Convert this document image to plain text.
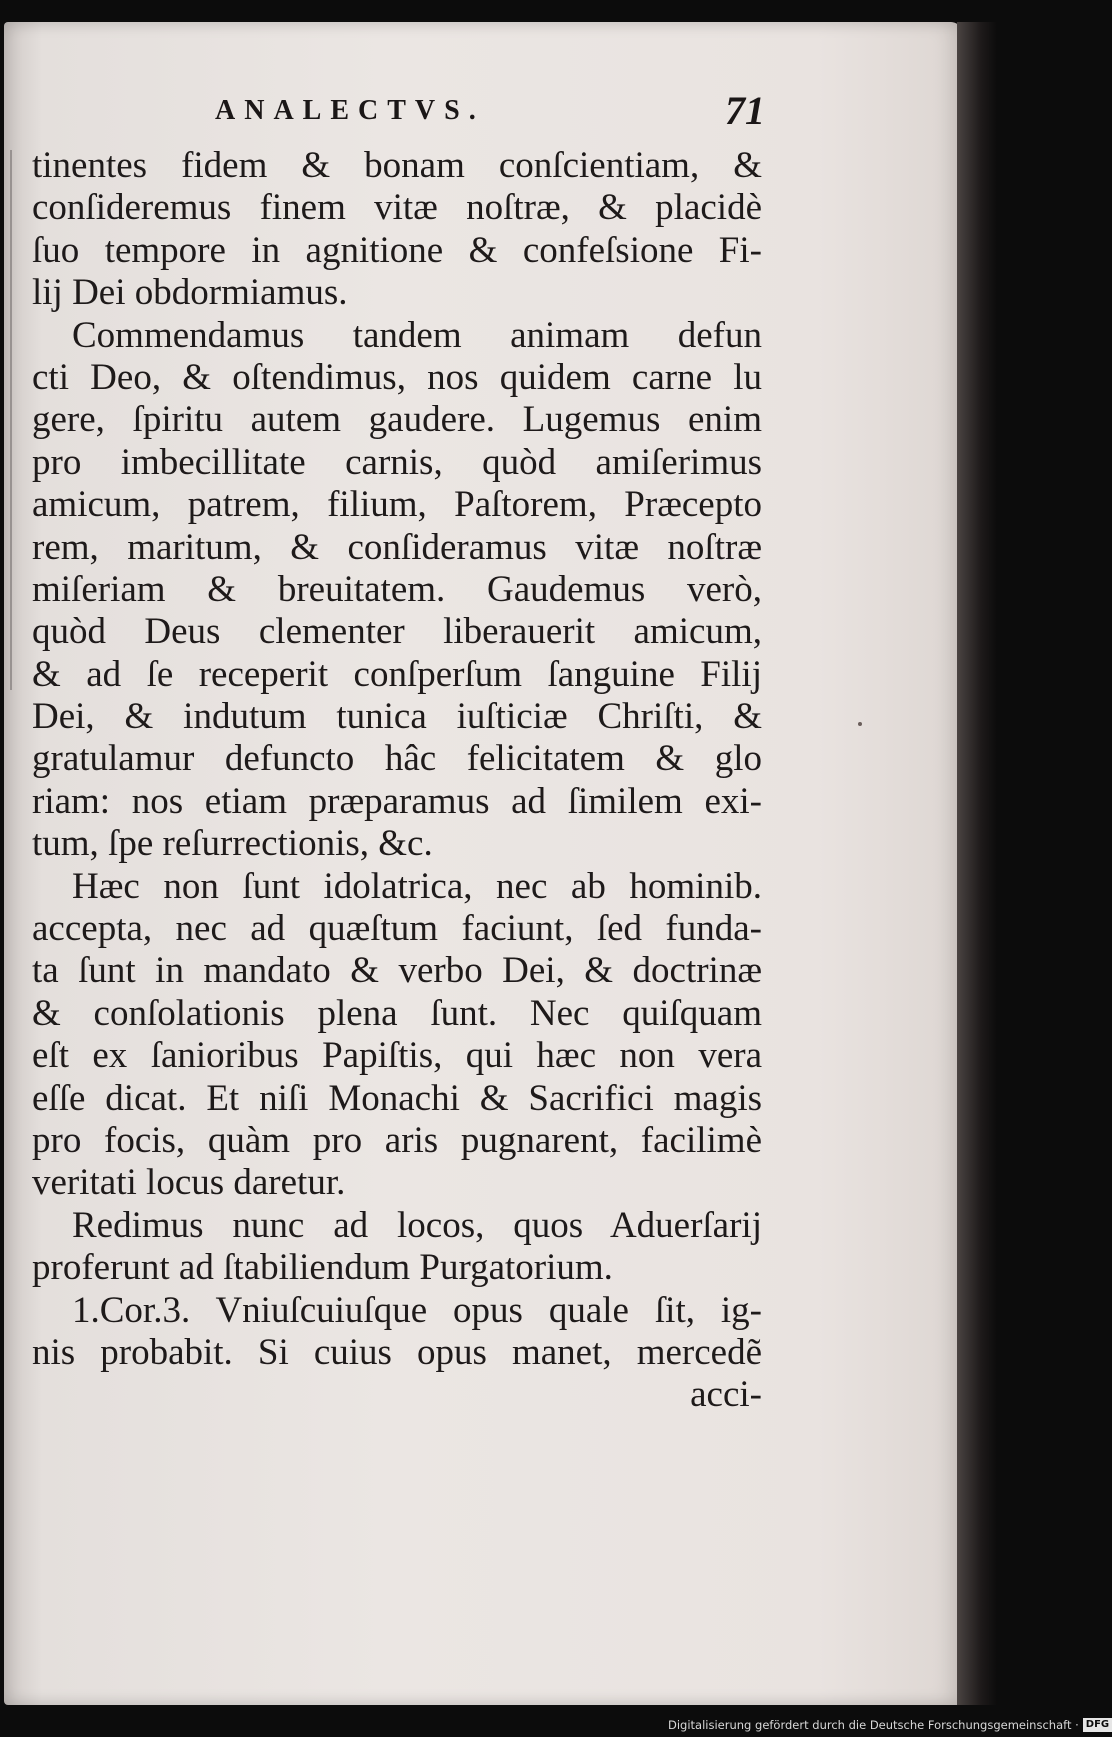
ANALECTVS.	71
tinentes fidem & bonam conſcientiam, &
conſideremus finem vitæ noſtræ, & placidè
ſuo tempore in agnitione & confeſsione Fi-
lij Dei obdormiamus.
Commendamus tandem animam defun
cti Deo, & oſtendimus, nos quidem carne lu
gere, ſpiritu autem gaudere. Lugemus enim
pro imbecillitate carnis, quòd amiſerimus
amicum, patrem, filium, Paſtorem, Præcepto
rem, maritum, & conſideramus vitæ noſtræ
miſeriam & breuitatem. Gaudemus verò,
quòd Deus clementer liberauerit amicum,
& ad ſe receperit conſperſum ſanguine Filij
Dei, & indutum tunica iuſticiæ Chriſti, &
gratulamur defuncto hâc felicitatem & glo
riam: nos etiam præparamus ad ſimilem exi-
tum, ſpe reſurrectionis, &c.
Hæc non ſunt idolatrica, nec ab hominib.
accepta, nec ad quæſtum faciunt, ſed funda-
ta ſunt in mandato & verbo Dei, & doctrinæ
& conſolationis plena ſunt. Nec quiſquam
eſt ex ſanioribus Papiſtis, qui hæc non vera
eſſe dicat. Et niſi Monachi & Sacrifici magis
pro focis, quàm pro aris pugnarent, facilimè
veritati locus daretur.
Redimus nunc ad locos, quos Aduerſarij
proferunt ad ſtabiliendum Purgatorium.
1.Cor.3. Vniuſcuiuſque opus quale ſit, ig-
nis probabit. Si cuius opus manet, mercedẽ
acci-
Digitalisierung gefördert durch die Deutsche Forschungsgemeinschaft · DFG
